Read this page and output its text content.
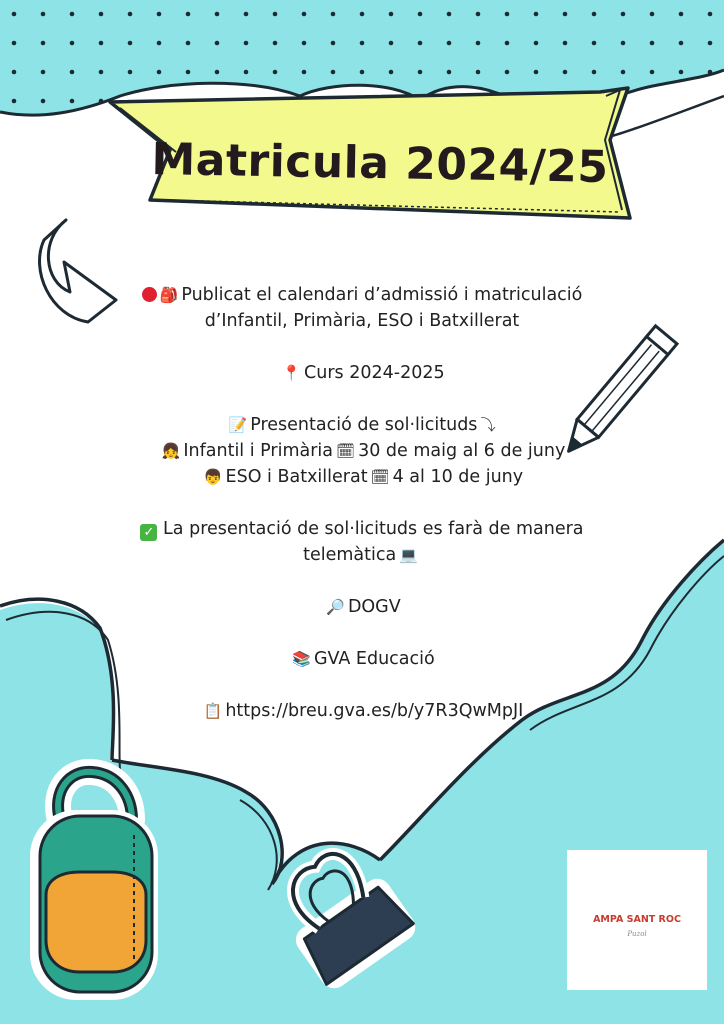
Matricula 2024/25
🎒 Publicat el calendari d’admissió i matriculació
d’Infantil, Primària, ESO i Batxillerat
📍 Curs 2024-2025
📝 Presentació de sol·licituds ⤵
👧 Infantil i Primària 🗓 30 de maig al 6 de juny
👦 ESO i Batxillerat 🗓 4 al 10 de juny
✓ La presentació de sol·licituds es farà de manera
telemàtica 💻
🔎 DOGV
📚 GVA Educació
📋 https://breu.gva.es/b/y7R3QwMpJI
AMPA SANT ROC
Puzol
